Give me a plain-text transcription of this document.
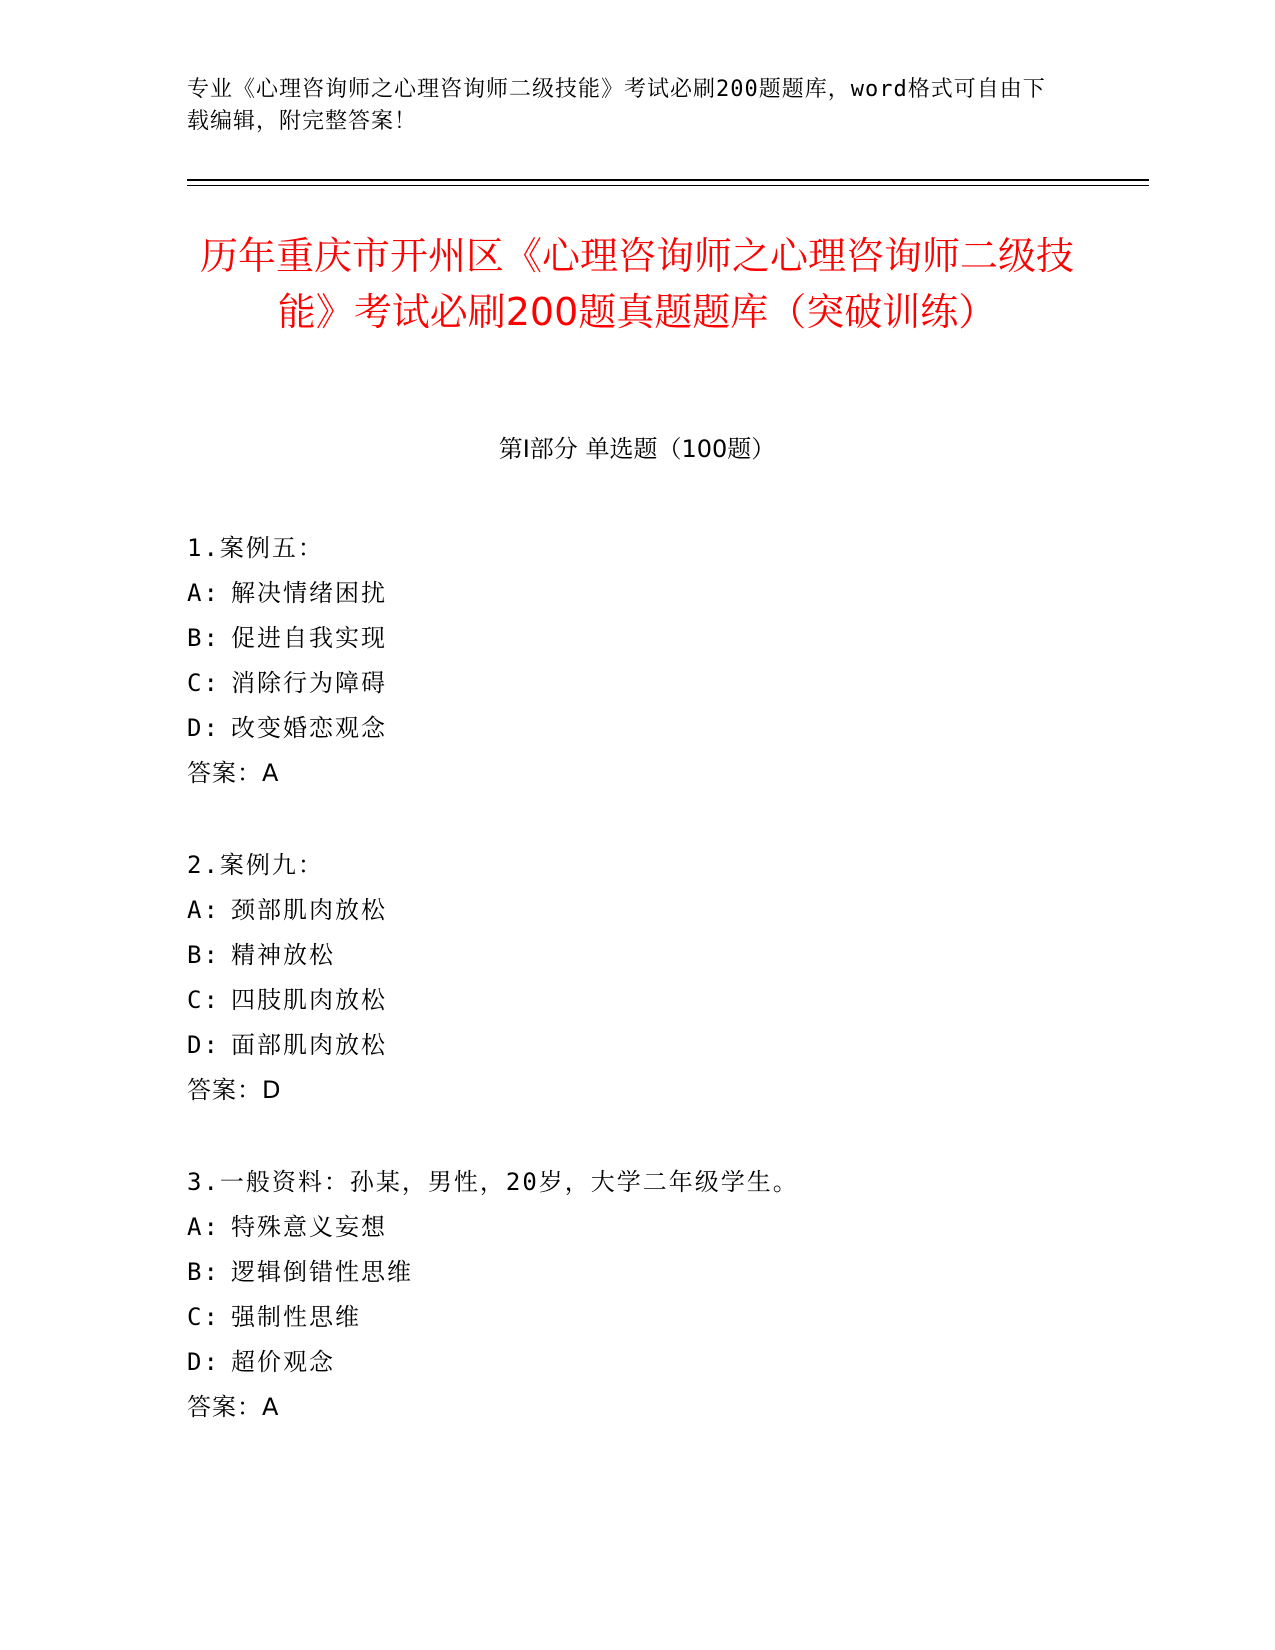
专业《心理咨询师之心理咨询师二级技能》考试必刷200题题库，word格式可自由下载编辑，附完整答案！
历年重庆市开州区《心理咨询师之心理咨询师二级技能》考试必刷200题真题题库（突破训练）
第Ⅰ部分 单选题（100题）
1.案例五：
A: 解决情绪困扰
B: 促进自我实现
C: 消除行为障碍
D: 改变婚恋观念
答案：A
2.案例九：
A: 颈部肌肉放松
B: 精神放松
C: 四肢肌肉放松
D: 面部肌肉放松
答案：D
3.一般资料：孙某，男性，20岁，大学二年级学生。
A: 特殊意义妄想
B: 逻辑倒错性思维
C: 强制性思维
D: 超价观念
答案：A
